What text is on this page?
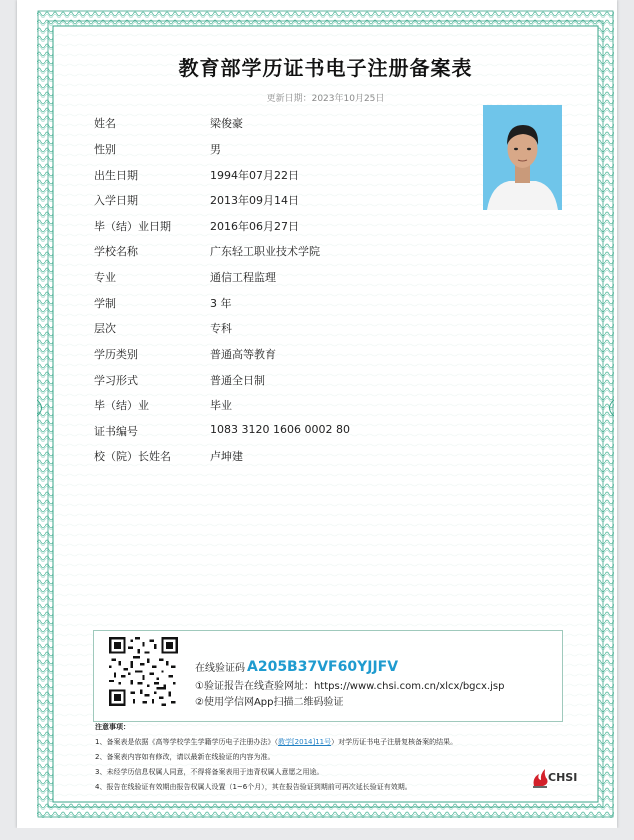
教育部学历证书电子注册备案表
更新日期：2023年10月25日
姓名	梁俊豪
性别	男
出生日期	1994年07月22日
入学日期	2013年09月14日
毕（结）业日期	2016年06月27日
学校名称	广东轻工职业技术学院
专业	通信工程监理
学制	3 年
层次	专科
学历类别	普通高等教育
学习形式	普通全日制
毕（结）业	毕业
证书编号	1083 3120 1606 0002 80
校（院）长姓名	卢坤建
在线验证码 A205B37VF60YJJFV
①验证报告在线查验网址：https://www.chsi.com.cn/xlcx/bgcx.jsp
②使用学信网App扫描二维码验证
注意事项：
1、备案表是依据《高等学校学生学籍学历电子注册办法》（教学[2014]11号）对学历证书电子注册复核备案的结果。
2、备案表内容如有修改，请以最新在线验证的内容为准。
3、未经学历信息权属人同意，不得将备案表用于违背权属人意愿之用途。
4、报告在线验证有效期由报告权属人设置（1~6个月），其在报告验证到期前可再次延长验证有效期。
CHSI
